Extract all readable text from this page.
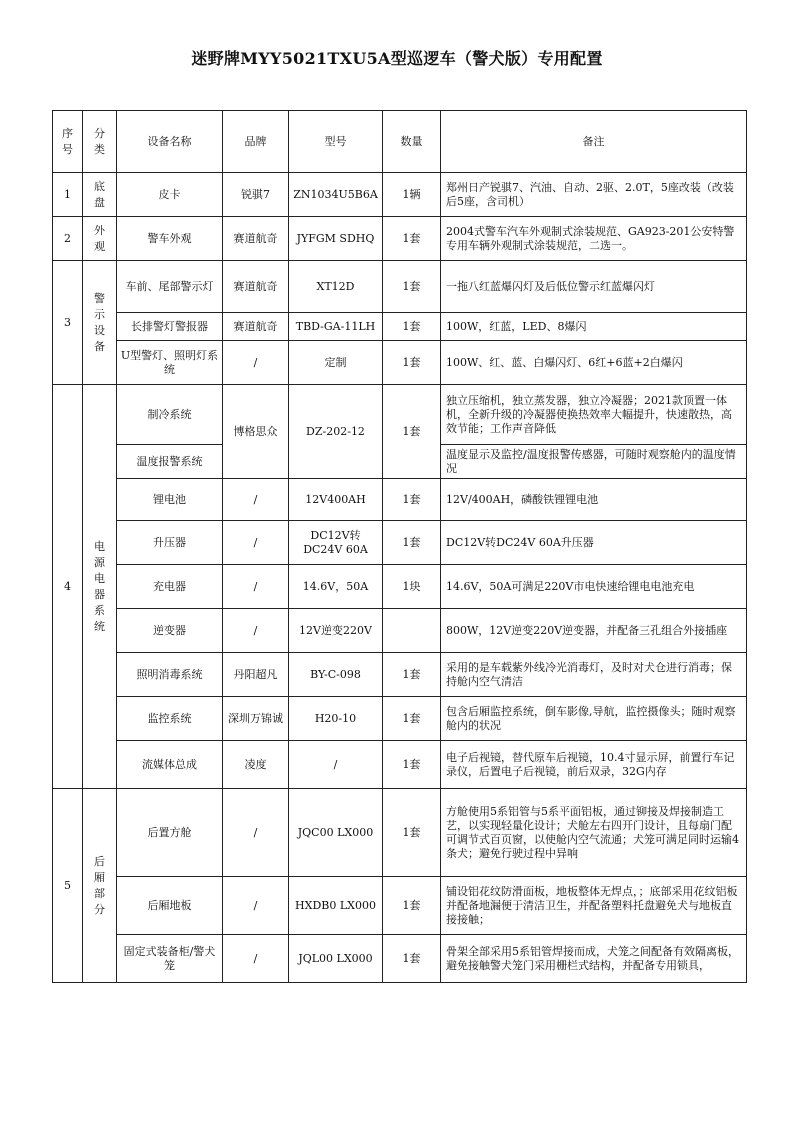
迷野牌MYY5021TXU5A型巡逻车（警犬版）专用配置
序号	分类	设备名称	品牌	型号	数量	备注
1	底盘	皮卡	锐骐7	ZN1034U5B6A	1辆	郑州日产锐骐7、汽油、自动、2驱、2.0T，5座改装（改装后5座，含司机）
2	外观	警车外观	赛道航奇	JYFGM SDHQ	1套	2004式警车汽车外观制式涂装规范、GA923-201公安特警专用车辆外观制式涂装规范，二选一。
3	警示设备	车前、尾部警示灯	赛道航奇	XT12D	1套	一拖八红蓝爆闪灯及后低位警示红蓝爆闪灯
		长排警灯警报器	赛道航奇	TBD-GA-11LH	1套	100W，红蓝，LED、8爆闪
		U型警灯、照明灯系统	/	定制	1套	100W、红、蓝、白爆闪灯、6红+6蓝+2白爆闪
4	电源电器系统	制冷系统	博格思众	DZ-202-12	1套	独立压缩机，独立蒸发器，独立冷凝器；2021款顶置一体机，全新升级的冷凝器使换热效率大幅提升，快速散热，高效节能；工作声音降低
		温度报警系统				温度显示及监控/温度报警传感器，可随时观察舱内的温度情况
		锂电池	/	12V400AH	1套	12V/400AH，磷酸铁锂锂电池
		升压器	/	DC12V转DC24V 60A	1套	DC12V转DC24V 60A升压器
		充电器	/	14.6V，50A	1块	14.6V，50A可满足220V市电快速给锂电电池充电
		逆变器	/	12V逆变220V		800W，12V逆变220V逆变器，并配备三孔组合外接插座
		照明消毒系统	丹阳超凡	BY-C-098	1套	采用的是车载紫外线冷光消毒灯，及时对犬仓进行消毒；保持舱内空气清洁
		监控系统	深圳万锦诚	H20-10	1套	包含后厢监控系统，倒车影像,导航，监控摄像头；随时观察舱内的状况
		流媒体总成	凌度	/	1套	电子后视镜，替代原车后视镜，10.4寸显示屏，前置行车记录仪，后置电子后视镜，前后双录，32G内存
5	后厢部分	后置方舱	/	JQC00 LX000	1套	方舱使用5系铝管与5系平面铝板，通过铆接及焊接制造工艺，以实现轻量化设计；犬舱左右四开门设计，且每扇门配可调节式百页窗，以使舱内空气流通；犬笼可满足同时运输4条犬；避免行驶过程中异响
		后厢地板	/	HXDB0 LX000	1套	铺设铝花纹防滑面板，地板整体无焊点，；底部采用花纹铝板并配备地漏便于清洁卫生，并配备塑料托盘避免犬与地板直接接触；
		固定式装备柜/警犬笼	/	JQL00 LX000	1套	骨架全部采用5系铝管焊接而成，犬笼之间配备有效隔离板，避免接触警犬笼门采用栅栏式结构，并配备专用锁具，
